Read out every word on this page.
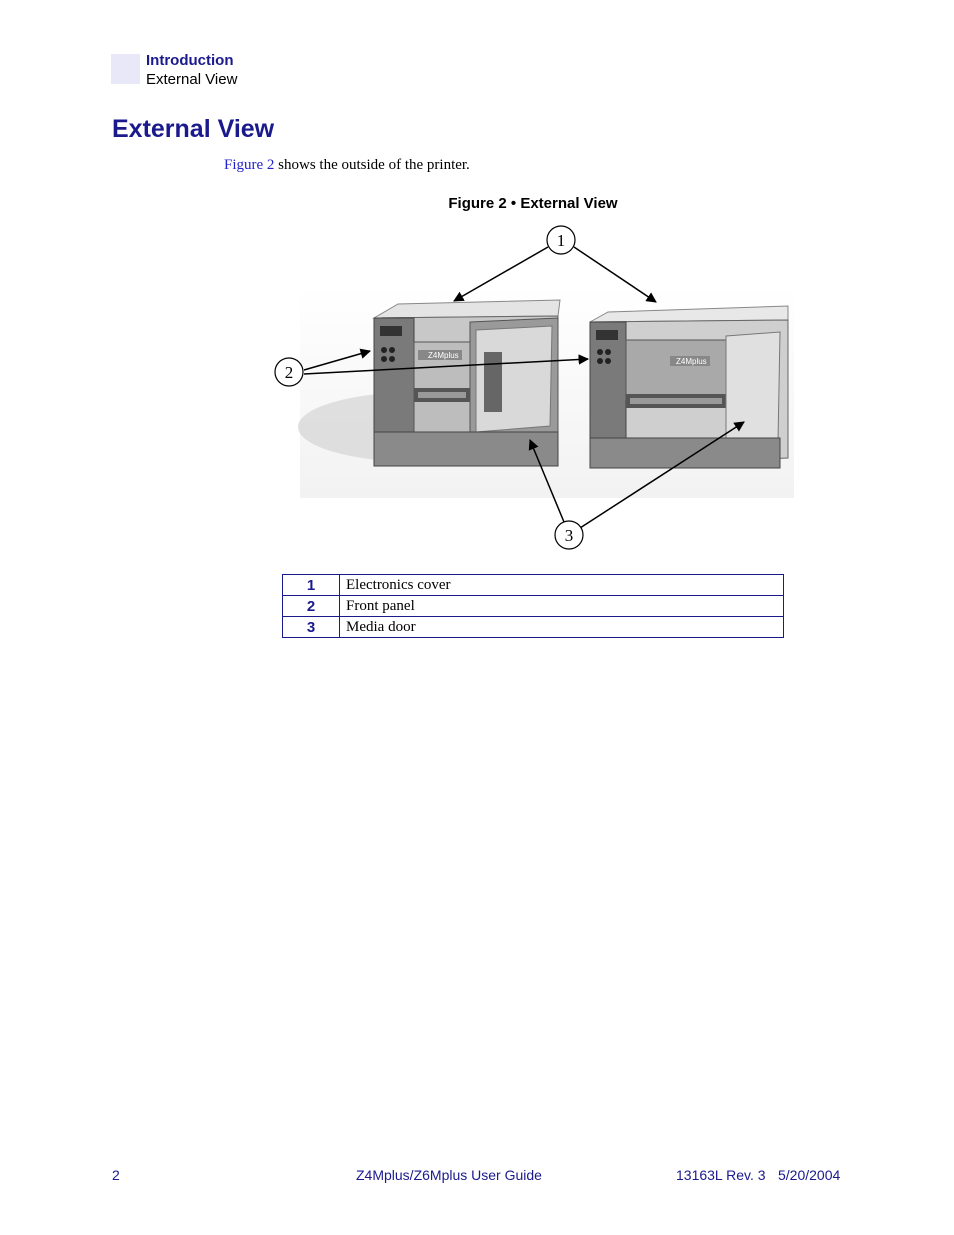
Introduction
External View
External View
Figure 2 shows the outside of the printer.
Figure 2 • External View
Z4Mplus
Z4Mplus
1
2
3
1	Electronics cover
2	Front panel
3	Media door
2	Z4Mplus/Z6Mplus User Guide	13163L Rev. 3 5/20/2004
